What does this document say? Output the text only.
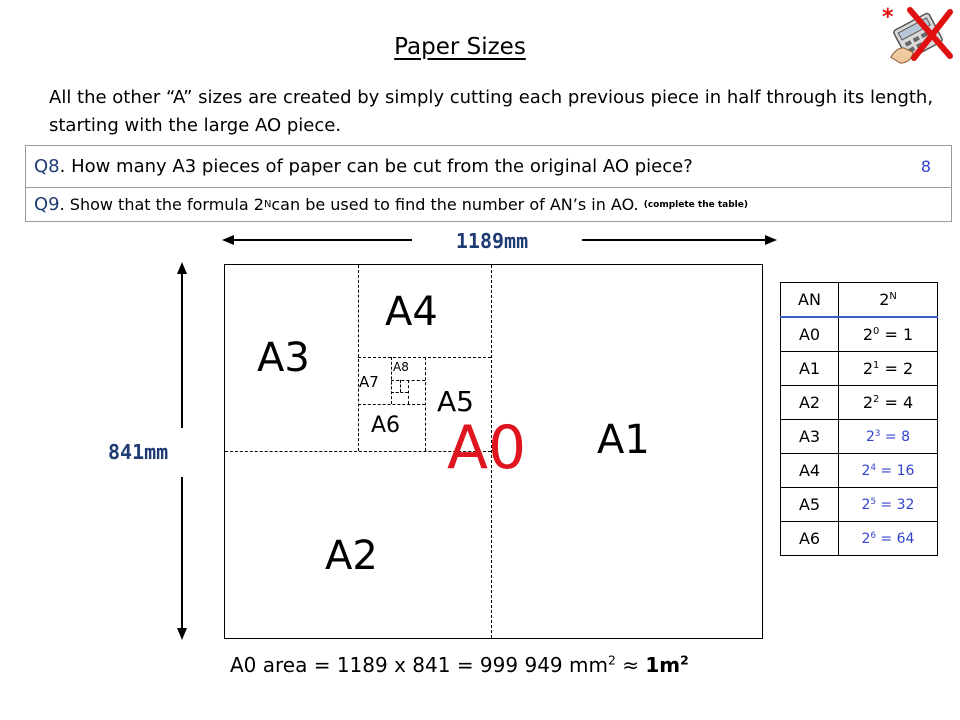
Paper Sizes
*
All the other “A” sizes are created by simply cutting each previous piece in half through its length, starting with the large AO piece.
Q8 . How many A3 pieces of paper can be cut from the original AO piece?	8
Q9 . Show that the formula 2 N can be used to find the number of AN’s in AO.
(complete the table)
1189mm
841mm	A0 A1
A2
A3
A4
A5
A6
A7
A8
AN	$2^N$
A0	$2^0 = 1$
A1	$2^1 = 2$
A2	$2^2 = 4$
A3	$2^3 = 8$
A4	$2^4 = 16$
A5	$2^5 = 32$
A6	$2^6 = 64$
A0 area = 1189 x 841 = 999 949 $mm^2 \approx 1m^2$
